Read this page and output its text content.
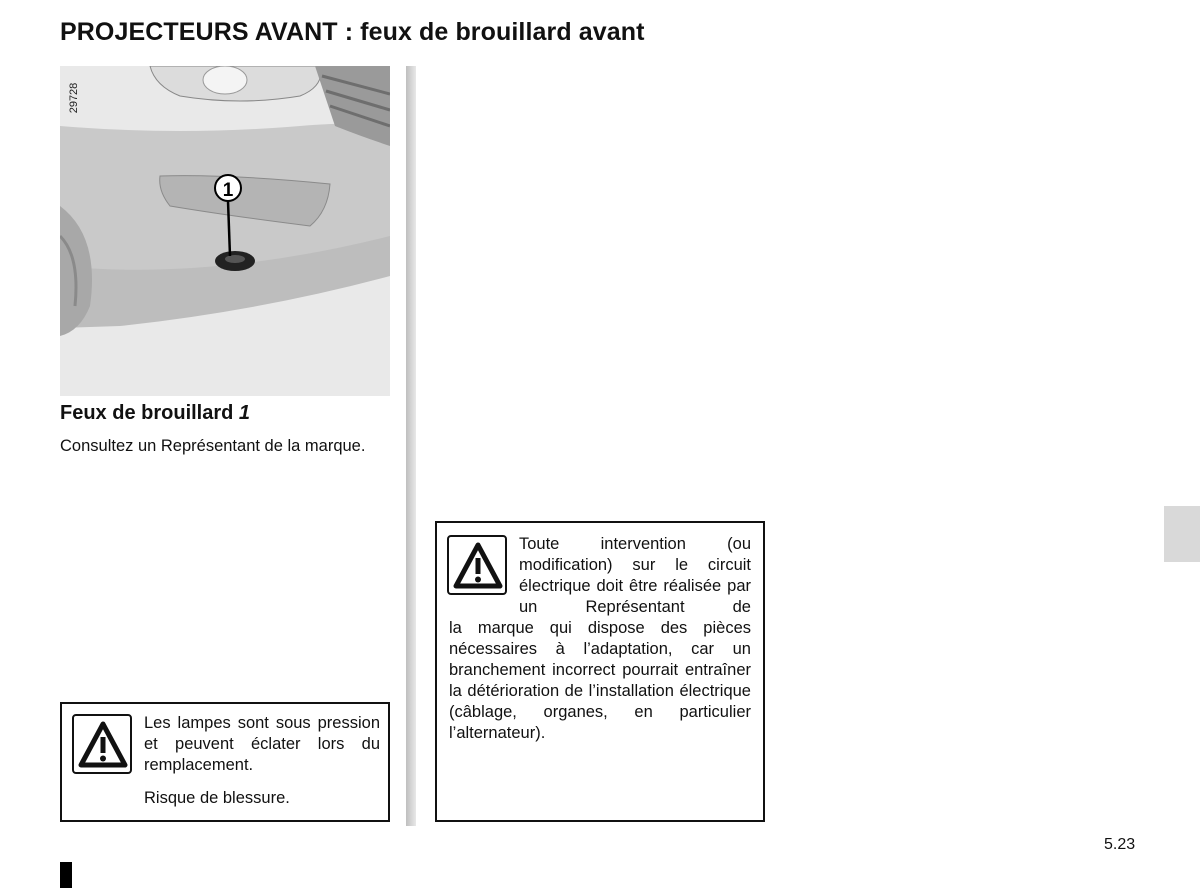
PROJECTEURS AVANT : feux de brouillard avant
1
29728
Feux de brouillard 1
Consultez un Représentant de la marque.
Les lampes sont sous pression et peuvent éclater lors du remplacement.
Risque de blessure.
Toute intervention (ou modification) sur le circuit électrique doit être réalisée par un Représentant de
la marque qui dispose des pièces nécessaires à l’adaptation, car un branchement incorrect pourrait entraîner la détérioration de l’installation électrique (câblage, organes, en particulier l’alternateur).
5.23
